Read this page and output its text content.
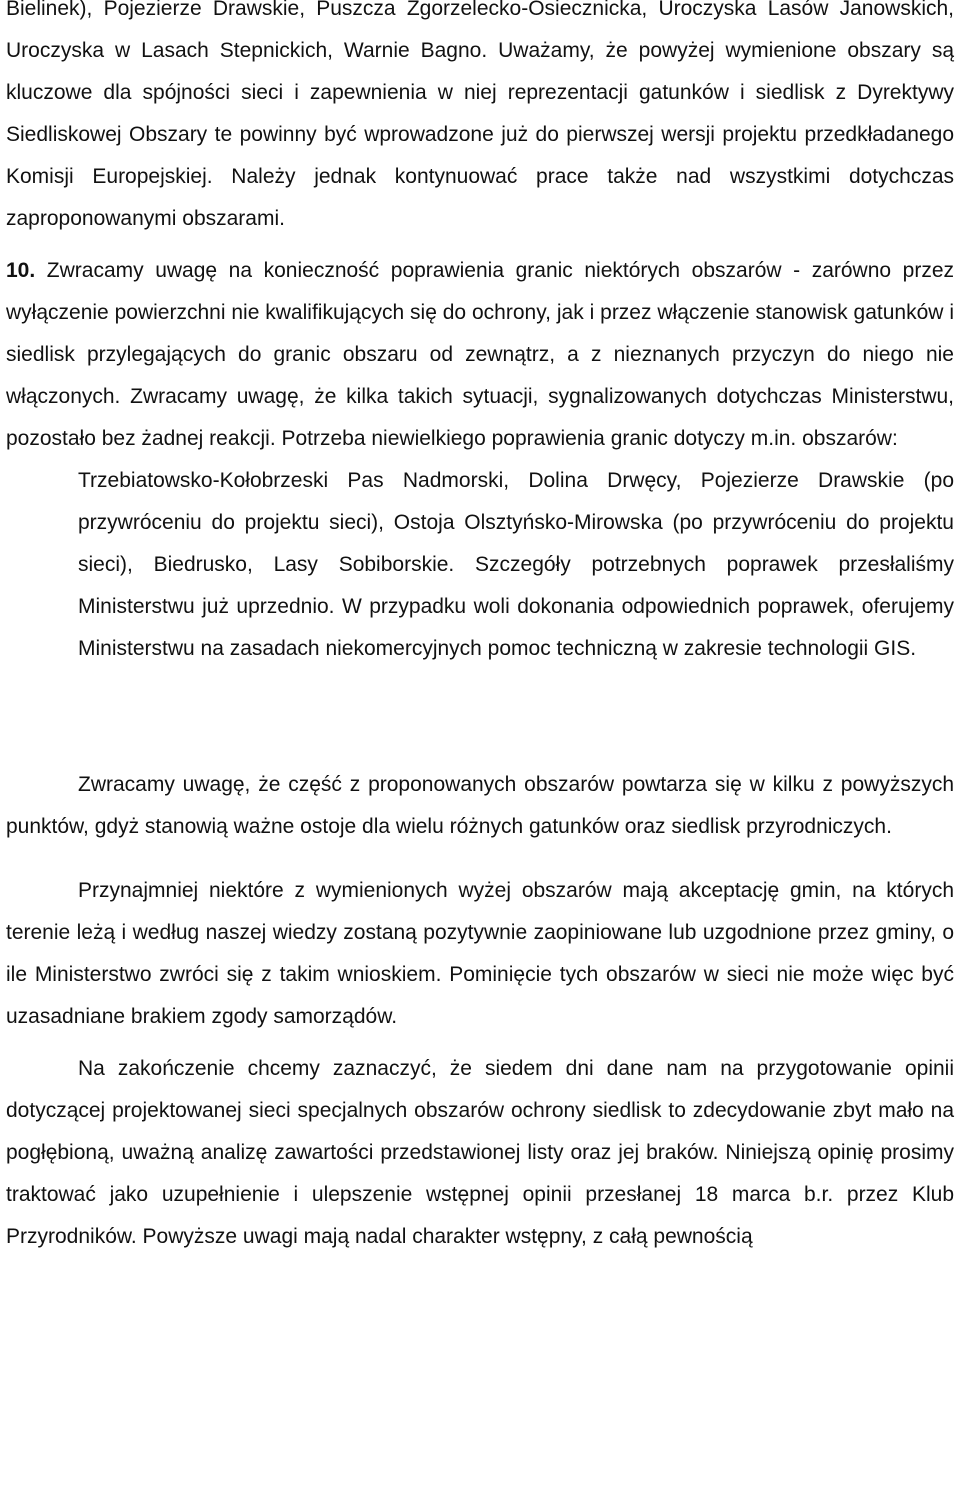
Bielinek), Pojezierze Drawskie, Puszcza Zgorzelecko-Osiecznicka, Uroczyska Lasów Janowskich, Uroczyska w Lasach Stepnickich, Warnie Bagno. Uważamy, że powyżej wymienione obszary są kluczowe dla spójności sieci i zapewnienia w niej reprezentacji gatunków i siedlisk z Dyrektywy Siedliskowej Obszary te powinny być wprowadzone już do pierwszej wersji projektu przedkładanego Komisji Europejskiej. Należy jednak kontynuować prace także nad wszystkimi dotychczas zaproponowanymi obszarami.

10. Zwracamy uwagę na konieczność poprawienia granic niektórych obszarów - zarówno przez wyłączenie powierzchni nie kwalifikujących się do ochrony, jak i przez włączenie stanowisk gatunków i siedlisk przylegających do granic obszaru od zewnątrz, a z nieznanych przyczyn do niego nie włączonych. Zwracamy uwagę, że kilka takich sytuacji, sygnalizowanych dotychczas Ministerstwu, pozostało bez żadnej reakcji. Potrzeba niewielkiego poprawienia granic dotyczy m.in. obszarów:

Trzebiatowsko-Kołobrzeski Pas Nadmorski, Dolina Drwęcy, Pojezierze Drawskie (po przywróceniu do projektu sieci), Ostoja Olsztyńsko-Mirowska (po przywróceniu do projektu sieci), Biedrusko, Lasy Sobiborskie. Szczegóły potrzebnych poprawek przesłaliśmy Ministerstwu już uprzednio. W przypadku woli dokonania odpowiednich poprawek, oferujemy Ministerstwu na zasadach niekomercyjnych pomoc techniczną w zakresie technologii GIS.

Zwracamy uwagę, że część z proponowanych obszarów powtarza się w kilku z powyższych punktów, gdyż stanowią ważne ostoje dla wielu różnych gatunków oraz siedlisk przyrodniczych.

Przynajmniej niektóre z wymienionych wyżej obszarów mają akceptację gmin, na których terenie leżą i według naszej wiedzy zostaną pozytywnie zaopiniowane lub uzgodnione przez gminy, o ile Ministerstwo zwróci się z takim wnioskiem. Pominięcie tych obszarów w sieci nie może więc być uzasadniane brakiem zgody samorządów.

Na zakończenie chcemy zaznaczyć, że siedem dni dane nam na przygotowanie opinii dotyczącej projektowanej sieci specjalnych obszarów ochrony siedlisk to zdecydowanie zbyt mało na pogłębioną, uważną analizę zawartości przedstawionej listy oraz jej braków. Niniejszą opinię prosimy traktować jako uzupełnienie i ulepszenie wstępnej opinii przesłanej 18 marca b.r. przez Klub Przyrodników. Powyższe uwagi mają nadal charakter wstępny, z całą pewnością
